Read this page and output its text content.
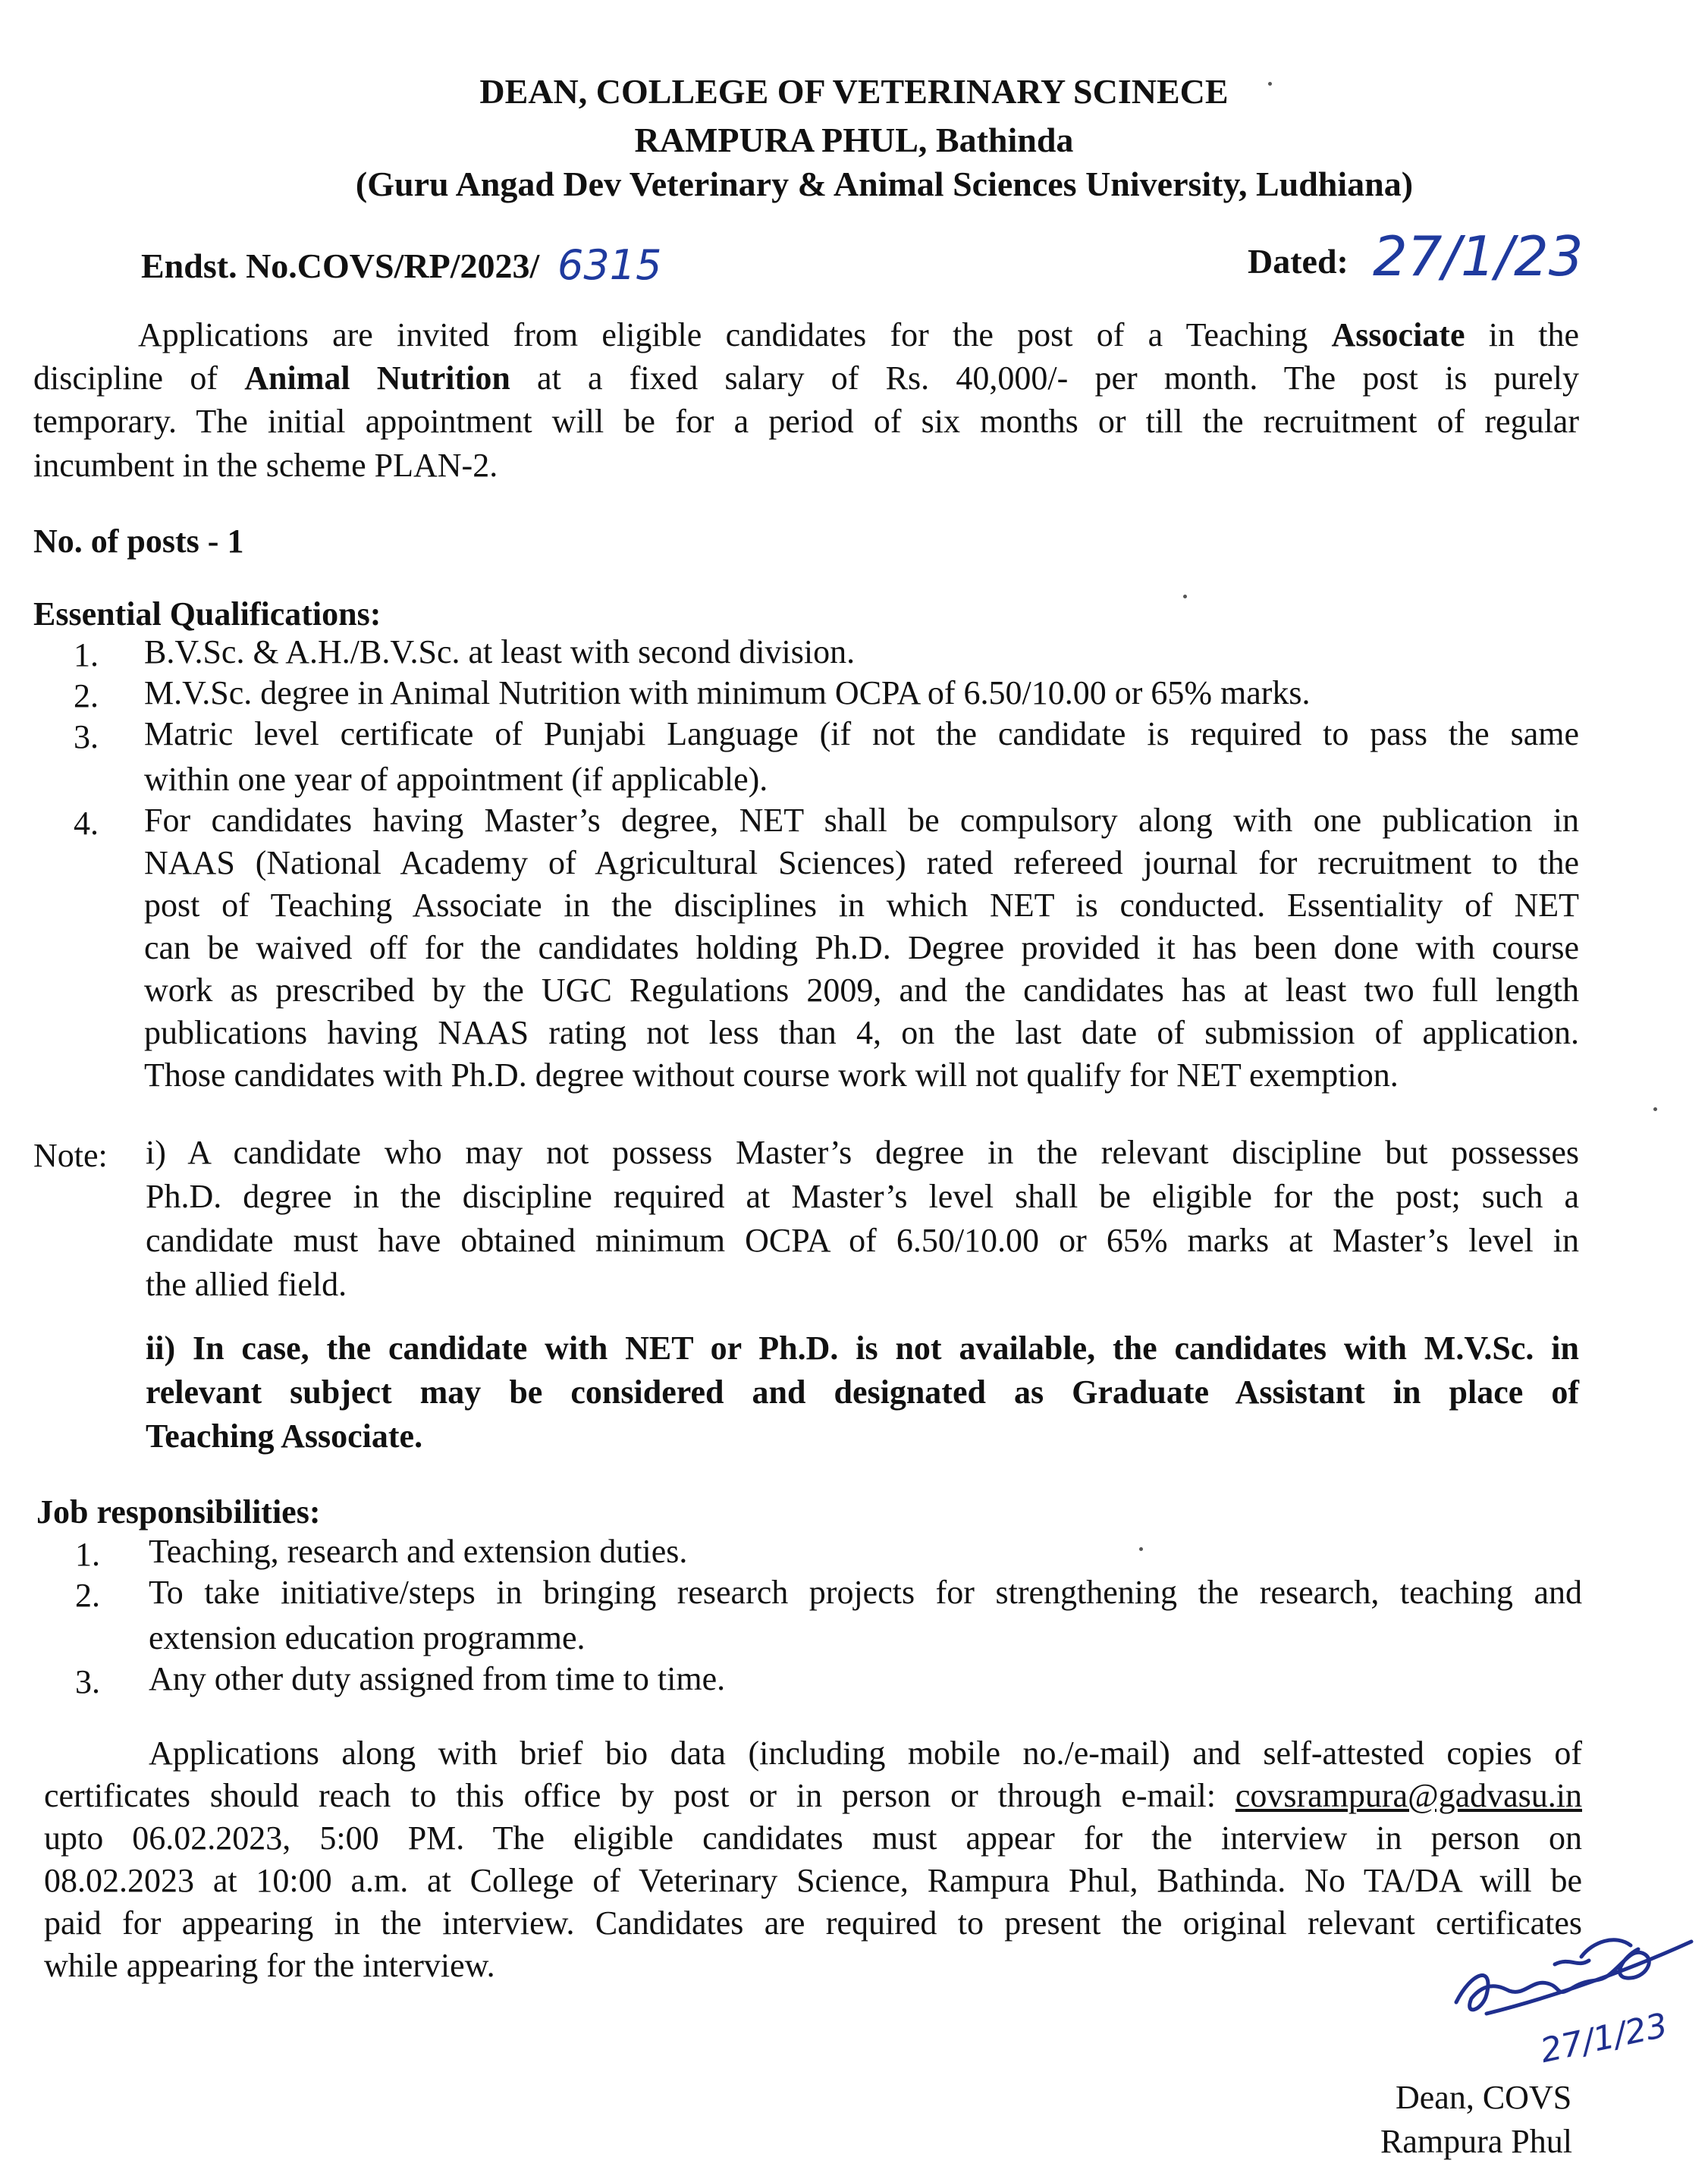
DEAN, COLLEGE OF VETERINARY SCINECE
RAMPURA PHUL, Bathinda
(Guru Angad Dev Veterinary & Animal Sciences University, Ludhiana)
Endst. No.COVS/RP/2023/ 6315	Dated: 27/1/23
Applications are invited from eligible candidates for the post of a Teaching Associate in the
discipline of Animal Nutrition at a fixed salary of Rs. 40,000/- per month. The post is purely
temporary. The initial appointment will be for a period of six months or till the recruitment of regular
incumbent in the scheme PLAN-2.
No. of posts - 1
Essential Qualifications:
1. B.V.Sc. & A.H./B.V.Sc. at least with second division.
2. M.V.Sc. degree in Animal Nutrition with minimum OCPA of 6.50/10.00 or 65% marks.
3. Matric level certificate of Punjabi Language (if not the candidate is required to pass the same
within one year of appointment (if applicable).
4. For candidates having Master’s degree, NET shall be compulsory along with one publication in
NAAS (National Academy of Agricultural Sciences) rated refereed journal for recruitment to the
post of Teaching Associate in the disciplines in which NET is conducted. Essentiality of NET
can be waived off for the candidates holding Ph.D. Degree provided it has been done with course
work as prescribed by the UGC Regulations 2009, and the candidates has at least two full length
publications having NAAS rating not less than 4, on the last date of submission of application.
Those candidates with Ph.D. degree without course work will not qualify for NET exemption.
Note: i) A candidate who may not possess Master’s degree in the relevant discipline but possesses
Ph.D. degree in the discipline required at Master’s level shall be eligible for the post; such a
candidate must have obtained minimum OCPA of 6.50/10.00 or 65% marks at Master’s level in
the allied field.
ii) In case, the candidate with NET or Ph.D. is not available, the candidates with M.V.Sc. in
relevant subject may be considered and designated as Graduate Assistant in place of
Teaching Associate.
Job responsibilities:
1. Teaching, research and extension duties.
2. To take initiative/steps in bringing research projects for strengthening the research, teaching and
extension education programme.
3. Any other duty assigned from time to time.
Applications along with brief bio data (including mobile no./e-mail) and self-attested copies of
certificates should reach to this office by post or in person or through e-mail: covsrampura@gadvasu.in
upto 06.02.2023, 5:00 PM. The eligible candidates must appear for the interview in person on
08.02.2023 at 10:00 a.m. at College of Veterinary Science, Rampura Phul, Bathinda. No TA/DA will be
paid for appearing in the interview. Candidates are required to present the original relevant certificates
while appearing for the interview.
27/1/23
Dean, COVS
Rampura Phul
